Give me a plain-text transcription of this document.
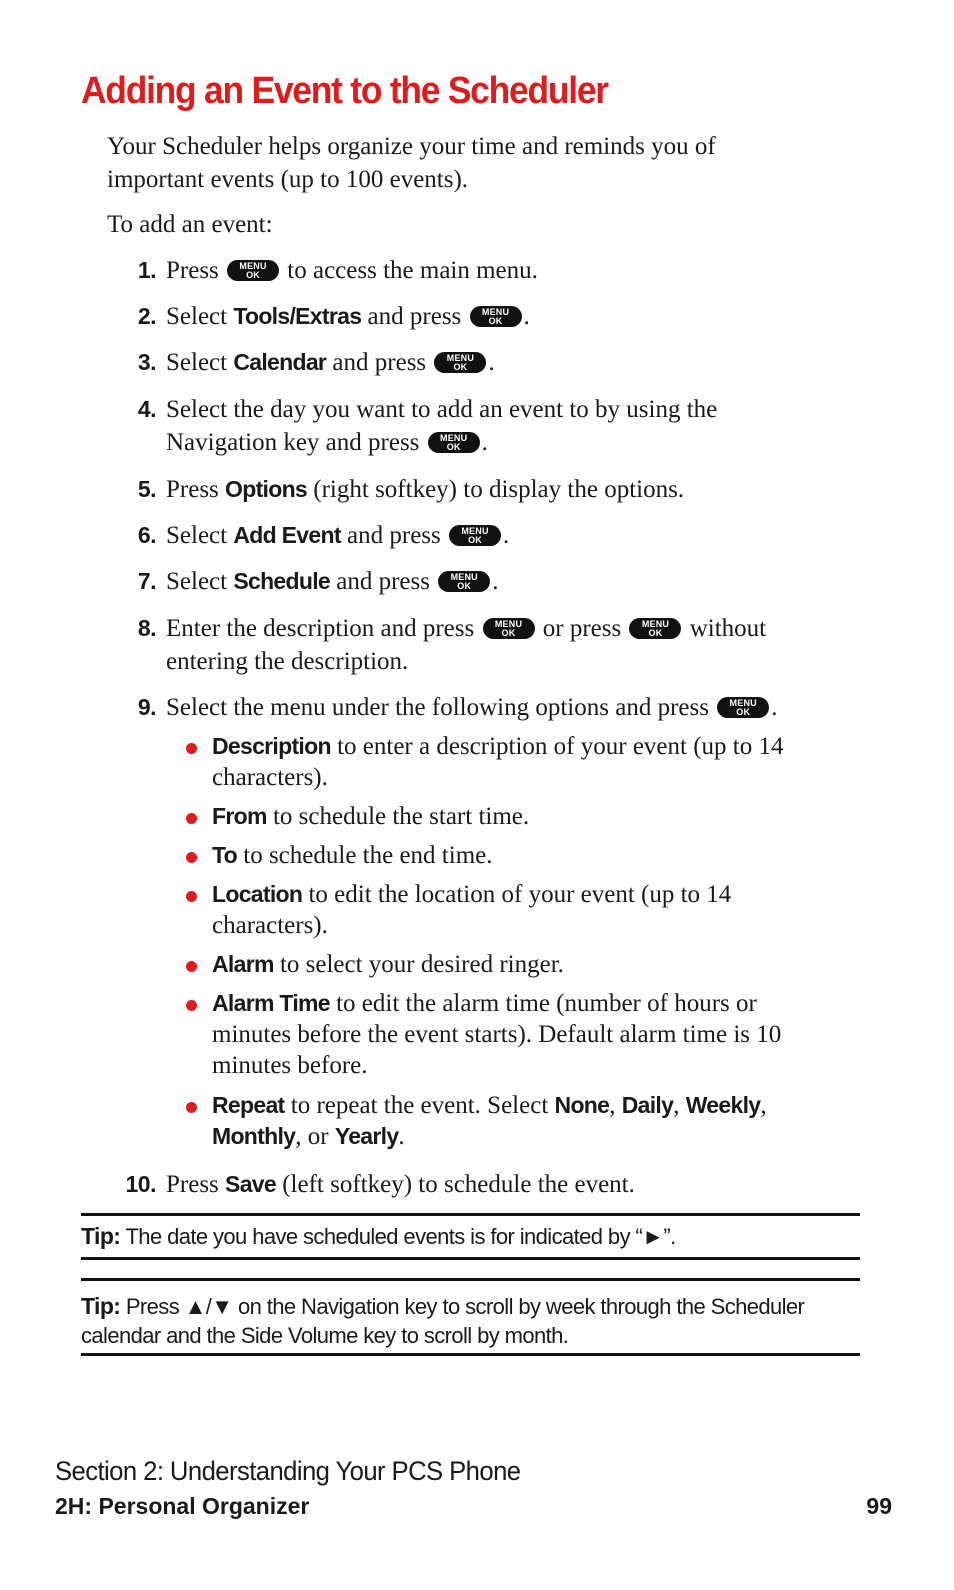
Adding an Event to the Scheduler

Your Scheduler helps organize your time and reminds you of important events (up to 100 events).

To add an event:

1. Press	MENU
OK	to access the main menu.
2. Select Tools/Extras and press	MENU
OK .
3. Select Calendar and press	MENU
OK .
4. Select the day you want to add an event to by using the Navigation key and press	MENU
OK .
5. Press Options (right softkey) to display the options.
6. Select Add Event and press	MENU
OK .
7. Select Schedule and press	MENU
OK .
8. Enter the description and press	MENU
OK	or press	MENU
OK	without entering the description.
9. Select the menu under the following options and press	MENU
OK .
Description to enter a description of your event (up to 14 characters).
From to schedule the start time.
To to schedule the end time.
Location to edit the location of your event (up to 14 characters).
Alarm to select your desired ringer.
Alarm Time to edit the alarm time (number of hours or minutes before the event starts). Default alarm time is 10 minutes before.
Repeat to repeat the event. Select None, Daily, Weekly, Monthly, or Yearly.
10. Press Save (left softkey) to schedule the event.
Tip: The date you have scheduled events is for indicated by “►”.
Tip: Press ▲/▼ on the Navigation key to scroll by week through the Scheduler calendar and the Side Volume key to scroll by month.
Section 2: Understanding Your PCS Phone
2H: Personal Organizer	99
